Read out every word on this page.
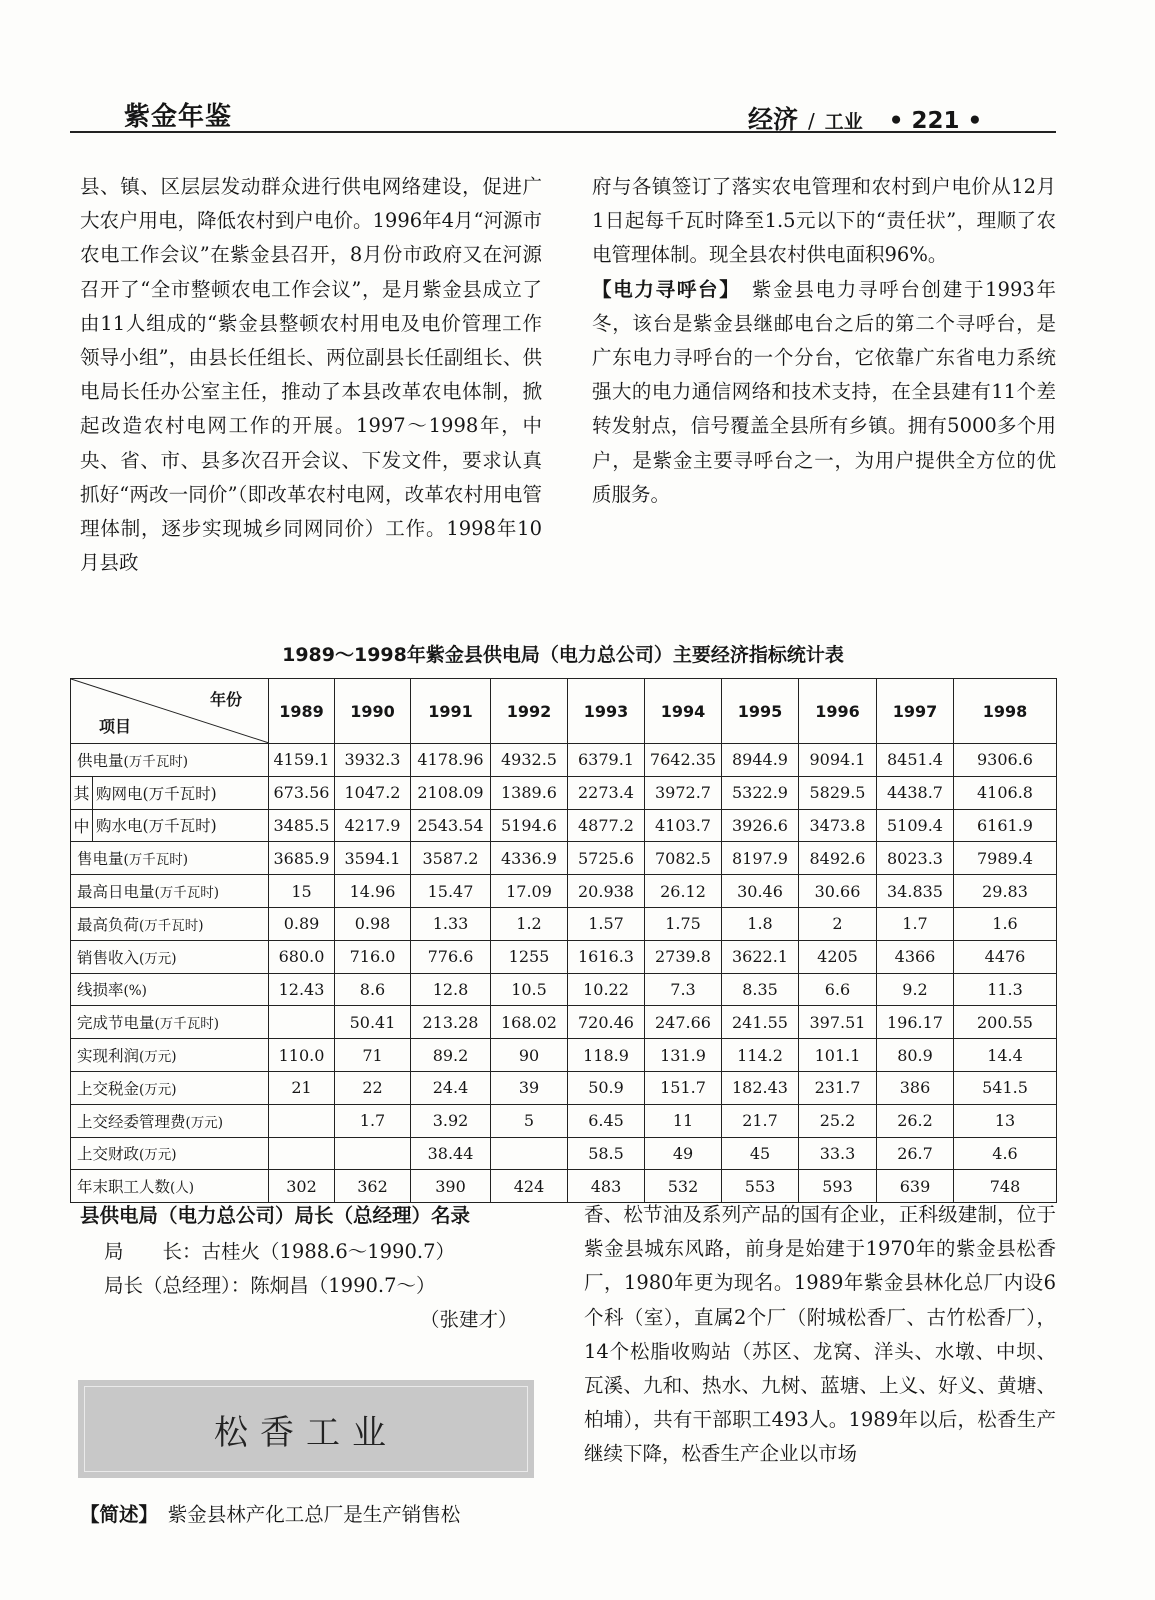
紫金年鉴	经济 / 工业 • 221 •

县、镇、区层层发动群众进行供电网络建设，促进广大农户用电，降低农村到户电价。1996年4月“河源市农电工作会议”在紫金县召开，8月份市政府又在河源召开了“全市整顿农电工作会议”，是月紫金县成立了由11人组成的“紫金县整顿农村用电及电价管理工作领导小组”，由县长任组长、两位副县长任副组长、供电局长任办公室主任，推动了本县改革农电体制，掀起改造农村电网工作的开展。1997～1998年，中央、省、市、县多次召开会议、下发文件，要求认真抓好“两改一同价”（即改革农村电网，改革农村用电管理体制，逐步实现城乡同网同价）工作。1998年10月县政

府与各镇签订了落实农电管理和农村到户电价从12月1日起每千瓦时降至1.5元以下的“责任状”，理顺了农电管理体制。现全县农村供电面积96%。

【电力寻呼台】　 紫金县电力寻呼台创建于1993年冬，该台是紫金县继邮电台之后的第二个寻呼台，是广东电力寻呼台的一个分台，它依靠广东省电力系统强大的电力通信网络和技术支持，在全县建有11个差转发射点，信号覆盖全县所有乡镇。拥有5000多个用户，是紫金主要寻呼台之一，为用户提供全方位的优质服务。

1989～1998年紫金县供电局（电力总公司）主要经济指标统计表
年份
项目		1989	1990	1991	1992	1993	1994	1995	1996	1997	1998
供电量(万千瓦时)		4159.1	3932.3	4178.96	4932.5	6379.1	7642.35	8944.9	9094.1	8451.4	9306.6
其	购网电(万千瓦时)	673.56	1047.2	2108.09	1389.6	2273.4	3972.7	5322.9	5829.5	4438.7	4106.8
中	购水电(万千瓦时)	3485.5	4217.9	2543.54	5194.6	4877.2	4103.7	3926.6	3473.8	5109.4	6161.9
售电量(万千瓦时)		3685.9	3594.1	3587.2	4336.9	5725.6	7082.5	8197.9	8492.6	8023.3	7989.4
最高日电量(万千瓦时)		15	14.96	15.47	17.09	20.938	26.12	30.46	30.66	34.835	29.83
最高负荷(万千瓦时)		0.89	0.98	1.33	1.2	1.57	1.75	1.8	2	1.7	1.6
销售收入(万元)		680.0	716.0	776.6	1255	1616.3	2739.8	3622.1	4205	4366	4476
线损率(%)		12.43	8.6	12.8	10.5	10.22	7.3	8.35	6.6	9.2	11.3
完成节电量(万千瓦时)			50.41	213.28	168.02	720.46	247.66	241.55	397.51	196.17	200.55
实现利润(万元)		110.0	71	89.2	90	118.9	131.9	114.2	101.1	80.9	14.4
上交税金(万元)		21	22	24.4	39	50.9	151.7	182.43	231.7	386	541.5
上交经委管理费(万元)			1.7	3.92	5	6.45	11	21.7	25.2	26.2	13
上交财政(万元)				38.44		58.5	49	45	33.3	26.7	4.6
年末职工人数(人)		302	362	390	424	483	532	553	593	639	748
县供电局（电力总公司）局长（总经理）名录
局　　长：古桂火（1988.6～1990.7）
局长（总经理）：陈炯昌（1990.7～）
（张建才）
松香工业
【简述】　 紫金县林产化工总厂是生产销售松

香、松节油及系列产品的国有企业，正科级建制，位于紫金县城东风路，前身是始建于1970年的紫金县松香厂，1980年更为现名。1989年紫金县林化总厂内设6个科（室），直属2个厂（附城松香厂、古竹松香厂），14个松脂收购站（苏区、龙窝、洋头、水墩、中坝、瓦溪、九和、热水、九树、蓝塘、上义、好义、黄塘、柏埔），共有干部职工493人。1989年以后，松香生产继续下降，松香生产企业以市场
